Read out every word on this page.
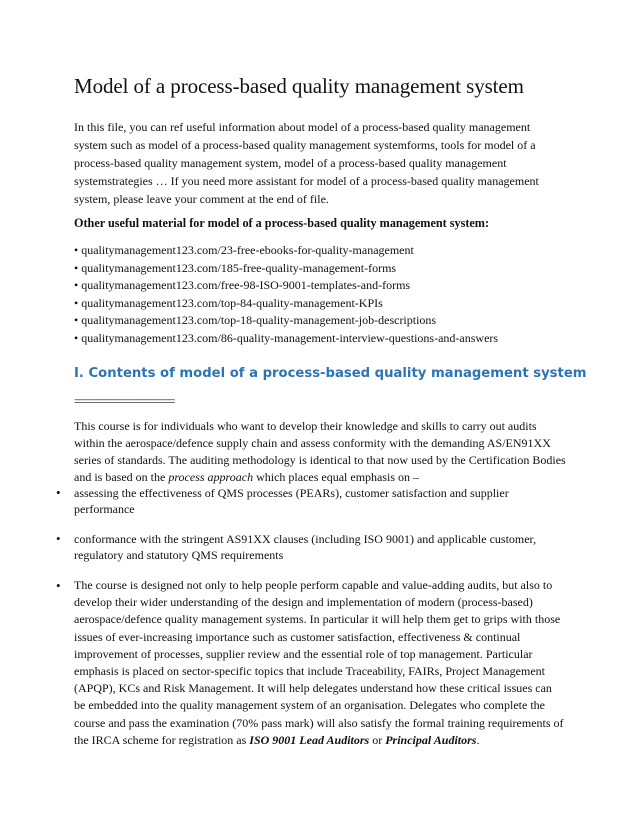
Model of a process-based quality management system

In this file, you can ref useful information about model of a process-based quality management system such as model of a process-based quality management systemforms, tools for model of a process-based quality management system, model of a process-based quality management systemstrategies … If you need more assistant for model of a process-based quality management system, please leave your comment at the end of file.

Other useful material for model of a process-based quality management system:

• qualitymanagement123.com/23-free-ebooks-for-quality-management
• qualitymanagement123.com/185-free-quality-management-forms
• qualitymanagement123.com/free-98-ISO-9001-templates-and-forms
• qualitymanagement123.com/top-84-quality-management-KPIs
• qualitymanagement123.com/top-18-quality-management-job-descriptions
• qualitymanagement123.com/86-quality-management-interview-questions-and-answers
I. Contents of model of a process-based quality management system

==================

This course is for individuals who want to develop their knowledge and skills to carry out audits within the aerospace/defence supply chain and assess conformity with the demanding AS/EN91XX series of standards. The auditing methodology is identical to that now used by the Certification Bodies and is based on the process approach which places equal emphasis on –

• assessing the effectiveness of QMS processes (PEARs), customer satisfaction and supplier performance
• conformance with the stringent AS91XX clauses (including ISO 9001) and applicable customer, regulatory and statutory QMS requirements
• The course is designed not only to help people perform capable and value-adding audits, but also to develop their wider understanding of the design and implementation of modern (process-based) aerospace/defence quality management systems. In particular it will help them get to grips with those issues of ever-increasing importance such as customer satisfaction, effectiveness & continual improvement of processes, supplier review and the essential role of top management. Particular emphasis is placed on sector-specific topics that include Traceability, FAIRs, Project Management (APQP), KCs and Risk Management. It will help delegates understand how these critical issues can be embedded into the quality management system of an organisation. Delegates who complete the course and pass the examination (70% pass mark) will also satisfy the formal training requirements of the IRCA scheme for registration as ISO 9001 Lead Auditors or Principal Auditors.
